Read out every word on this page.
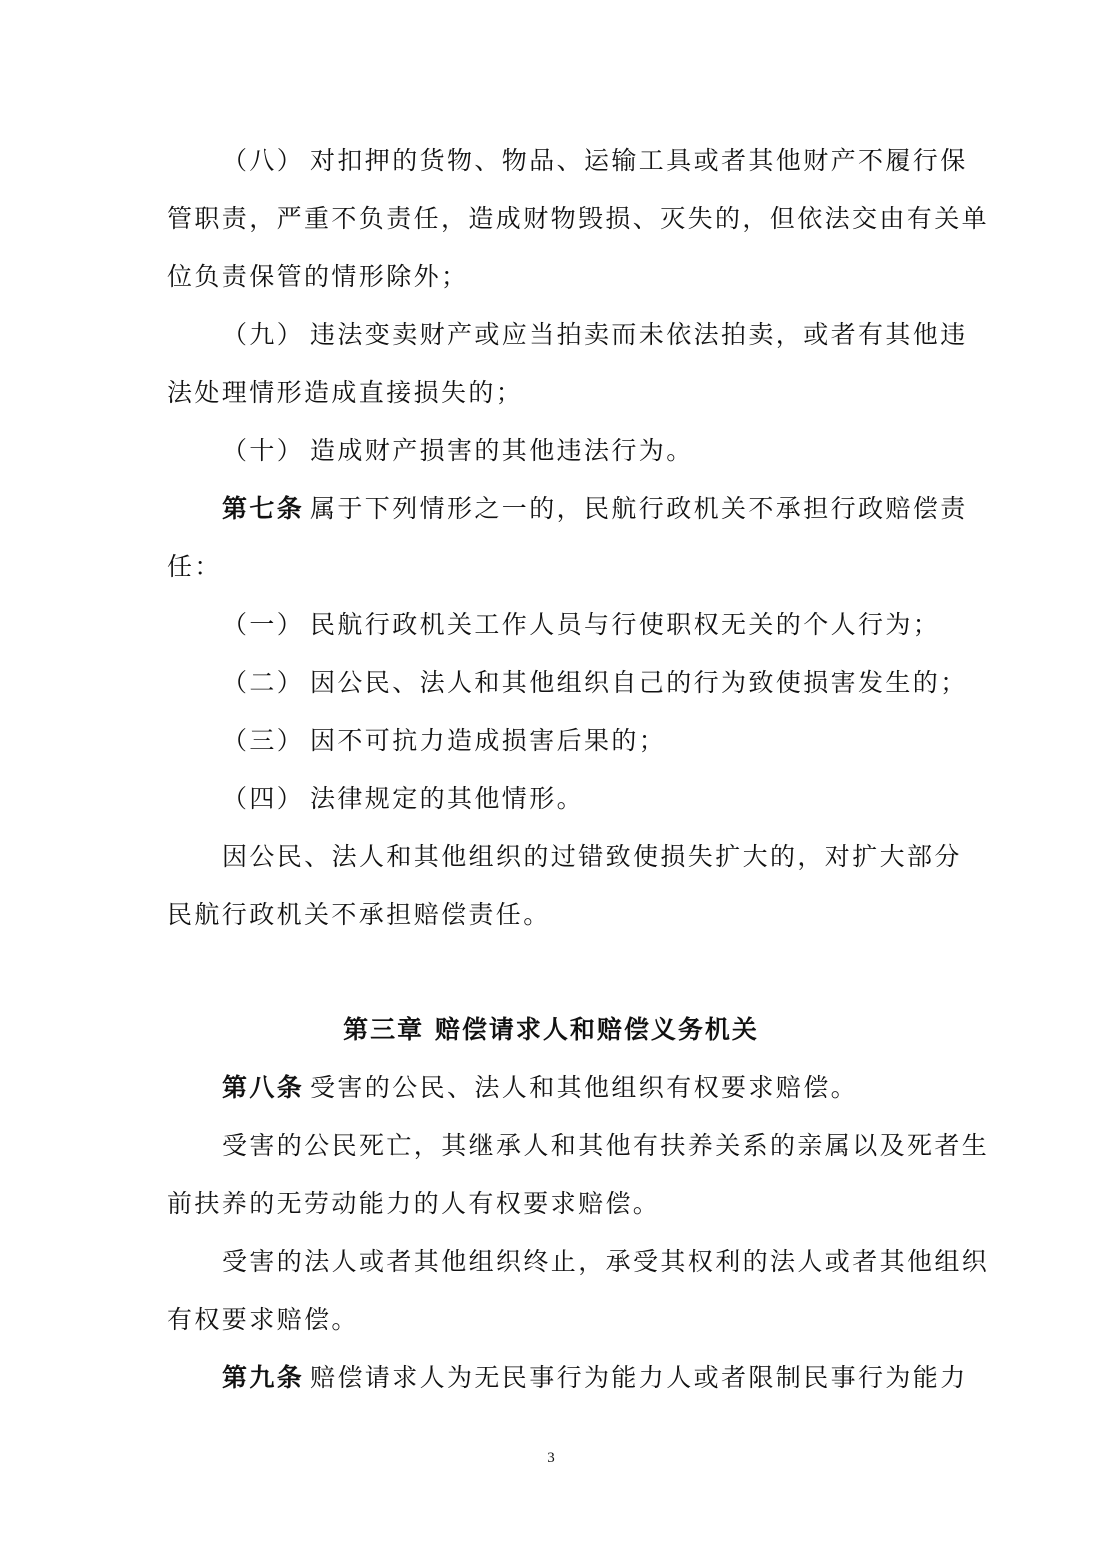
（八） 对扣押的货物、物品、运输工具或者其他财产不履行保
管职责，严重不负责任，造成财物毁损、灭失的，但依法交由有关单
位负责保管的情形除外；
（九） 违法变卖财产或应当拍卖而未依法拍卖，或者有其他违
法处理情形造成直接损失的；
（十） 造成财产损害的其他违法行为。
第七条 属于下列情形之一的，民航行政机关不承担行政赔偿责
任：
（一） 民航行政机关工作人员与行使职权无关的个人行为；
（二） 因公民、法人和其他组织自己的行为致使损害发生的；
（三） 因不可抗力造成损害后果的；
（四） 法律规定的其他情形。
因公民、法人和其他组织的过错致使损失扩大的，对扩大部分
民航行政机关不承担赔偿责任。
第三章 赔偿请求人和赔偿义务机关
第八条 受害的公民、法人和其他组织有权要求赔偿。
受害的公民死亡，其继承人和其他有扶养关系的亲属以及死者生
前扶养的无劳动能力的人有权要求赔偿。
受害的法人或者其他组织终止，承受其权利的法人或者其他组织
有权要求赔偿。
第九条 赔偿请求人为无民事行为能力人或者限制民事行为能力
3
